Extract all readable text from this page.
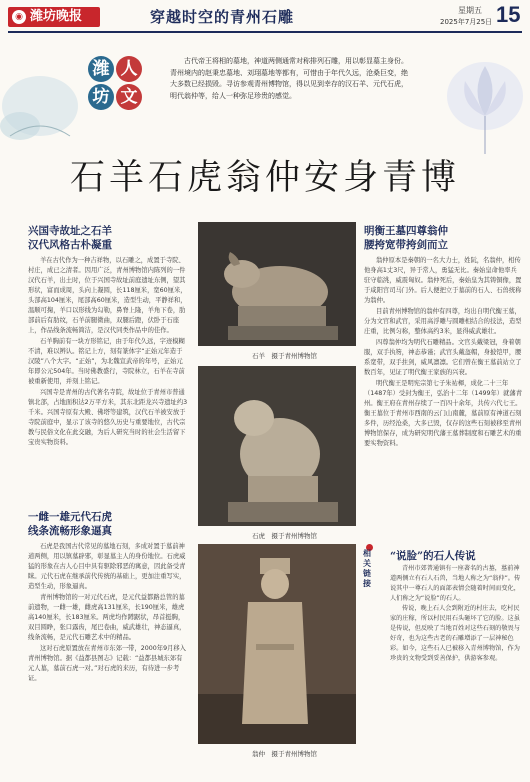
◉ 潍坊晚报	穿越时空的青州石雕	星期五
2025年7月25日 15
潍 人
坊 文

古代帝王将相的墓地，神道两侧通常对称排列石雕，用以彰显墓主身份。青州境内的赵秉忠墓地、刘珝墓地等都有，可惜由于年代久远，沧桑巨变，绝大多数已经损毁。寻访参观青州博物馆，得以见到幸存的汉石羊、元代石虎，明代翁仲等，给人一种弥足珍贵的感觉。

石羊石虎翁仲安身青博
兴国寺故址之石羊
汉代风格古朴凝重

羊在古代作为一种吉祥物，以石雕之，成置于寺院、村庄，成已之清者。因用广泛，青州博物馆内陈列的一件汉代石羊，出土时，位于兴国寺故址前庭遗址东侧，望其形状，富而成周，头向上凝圆，长118厘米，宽60厘米，头部高104厘米，尾部高60厘米，造型生动，平静祥和，温顺可掬，羊口以形线为勾勒，鼻脊上隆，羊角下卷，肋部前后有肋纹，石羊前腿微曲，双腿后蹬，伏卧于石座上，作品线条流畅简洁，是汉代同类作品中的佳作。

石羊胸前有一块方形铭记，由于年代久远，字迹模糊不清，难以辨认。铭记上方，刻有篆体字“正始元年造于汉陵”八个大字。“正始”，为北魏宣武帝的年号，正始元年即公元504年。当时佛教盛行，寺院林立，石羊在寺前被重新使用，并刻上铭记。

兴国寺是青州的古代著名寺院，故址位于青州市普通镇北部，占地面积达2万平方米，其东北距龙兴寺遗址约3千米。兴国寺原有大殿、佛塔等建筑，汉代石羊被安放于寺院前庭中，显示了该寺的悠久历史与重要地位，古代宗教与民俗文化在此交融，为后人研究当时的社会生活留下宝贵实物资料。

一雌一雄元代石虎
线条流畅形象逼真

石虎是我国古代常见的墓地石刻，多成对置于墓前神道两侧，用以镇墓辟邪，彰显墓主人的身份地位。石虎威猛的形象在古人心目中具有驱除邪恶的寓意，因此备受青睐。元代石虎在继承前代传统的基础上，更加注重写实，造型生动，形象逼真。

青州博物馆的一对元代石虎，是元代益都路总管的墓前遗物，一雌一雄，雌虎高131厘米，长190厘米，雄虎高140厘米，长183厘米。两虎均作蹲踞状，昂首挺胸，双目圆睁，张口露齿，尾巴卷曲，威武雄壮，神态逼真，线条流畅，是元代石雕艺术中的精品。

这对石虎原置放在青州市东郊一带，2000年9月移入青州博物馆。据《益都县图志》记载：“益都县城东郊有元人墓，墓前石虎一对。”对石虎的来历，有待进一步考证。

石羊　摄于青州博物馆
石虎　摄于青州博物馆
翁仲　摄于青州博物馆
明衡王墓四尊翁仲
腰挎宽带挎剑而立

翁仲原本是秦朝的一名大力士，姓阮，名翁仲，相传他身高1丈3尺，异于常人，勇猛无比。秦始皇命他率兵驻守临洮，威震匈奴。翁仲死后，秦始皇为其铸铜像，置于咸阳宫司马门外。后人便把立于墓前的石人、石兽统称为翁仲。

目前青州博物馆的翁仲有四尊，均出自明代衡王墓，分为文官和武官，采用高浮雕与圆雕相结合的技法，造型庄重，比例匀称，整体高约3米，显得威武雄壮。

四尊翁仲均为明代石雕精品。文官头戴梁冠，身着朝服，双手执笏，神态恭谨；武官头戴盔帽，身披铠甲，腰系宽带，双手拄剑，威风凛凛。它们曾在衡王墓前站立了数百年，见证了明代衡王家族的兴衰。

明代衡王是明宪宗第七子朱祐楎，成化二十三年（1487年）受封为衡王，弘治十二年（1499年）就藩青州。衡王府在青州存续了一百四十余年，共传六代七王。衡王墓位于青州市西南的云门山南麓，墓前原有神道石刻多件，历经沧桑，大多已毁，仅存的这些石刻被移至青州博物馆保存，成为研究明代藩王墓葬制度和石雕艺术的重要实物资料。

相关链接
“说脸”的石人传说

青州市郊普通镇有一座著名的古墓，墓前神道两侧立有石人石兽，当地人称之为“翁仲”。传说其中一尊石人的面部表情会随着时间而变化，人们称之为“说脸”的石人。

传说，晚上石人会到附近的村庄去，吃村民家的庄稼，所以村民用石头砸坏了它的脸。这虽是传说，但反映了当地百姓对这些石刻的敬畏与好奇，也为这些古老的石雕增添了一层神秘色彩。如今，这些石人已被移入青州博物馆，作为珍贵的文物受到妥善保护，供游客参观。
